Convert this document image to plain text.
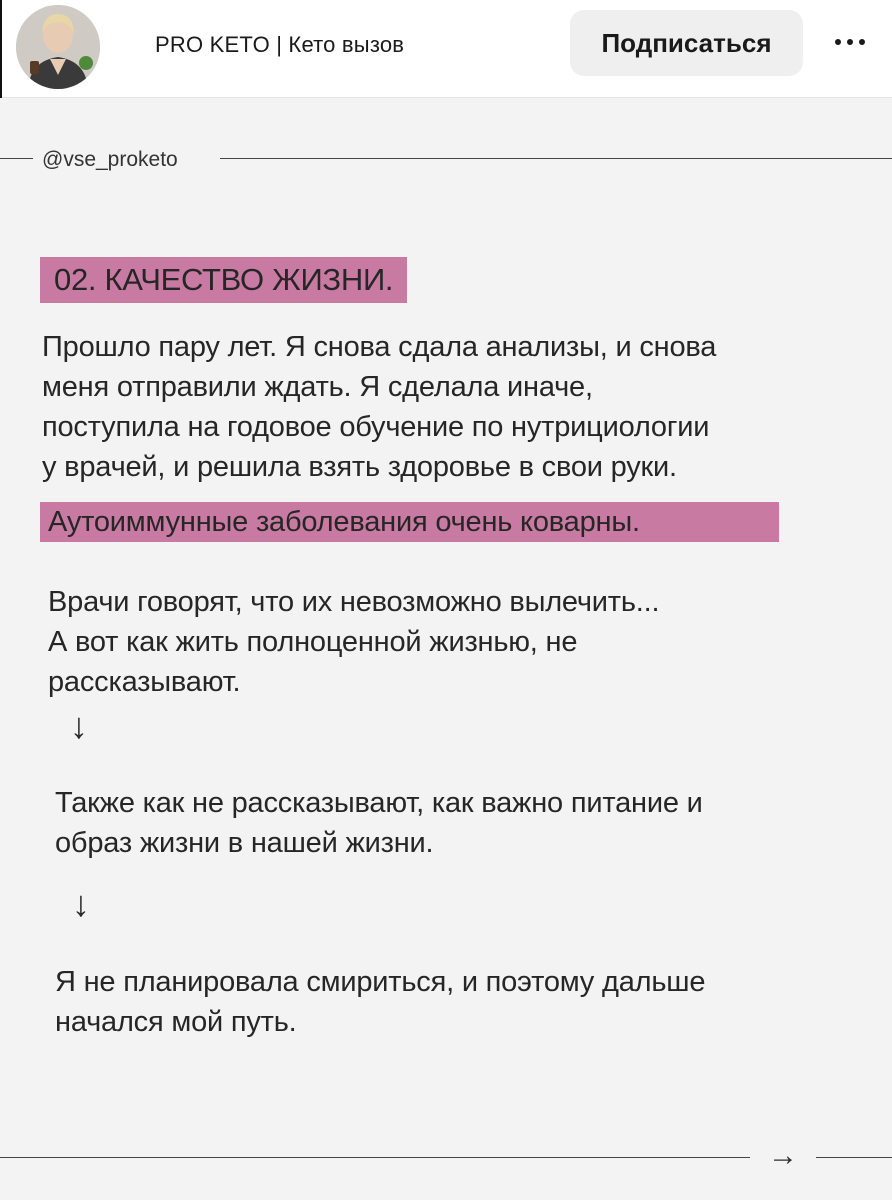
PRO KETO | Кето вызов	Подписаться
@vse_proketo
02. КАЧЕСТВО ЖИЗНИ.

Прошло пару лет. Я снова сдала анализы, и снова
меня отправили ждать. Я сделала иначе,
поступила на годовое обучение по нутрициологии
у врачей, и решила взять здоровье в свои руки.

Аутоиммунные заболевания очень коварны.

Врачи говорят, что их невозможно вылечить...
А вот как жить полноценной жизнью, не
рассказывают.

↓

Также как не рассказывают, как важно питание и
образ жизни в нашей жизни.

↓

Я не планировала смириться, и поэтому дальше
начался мой путь.

→
